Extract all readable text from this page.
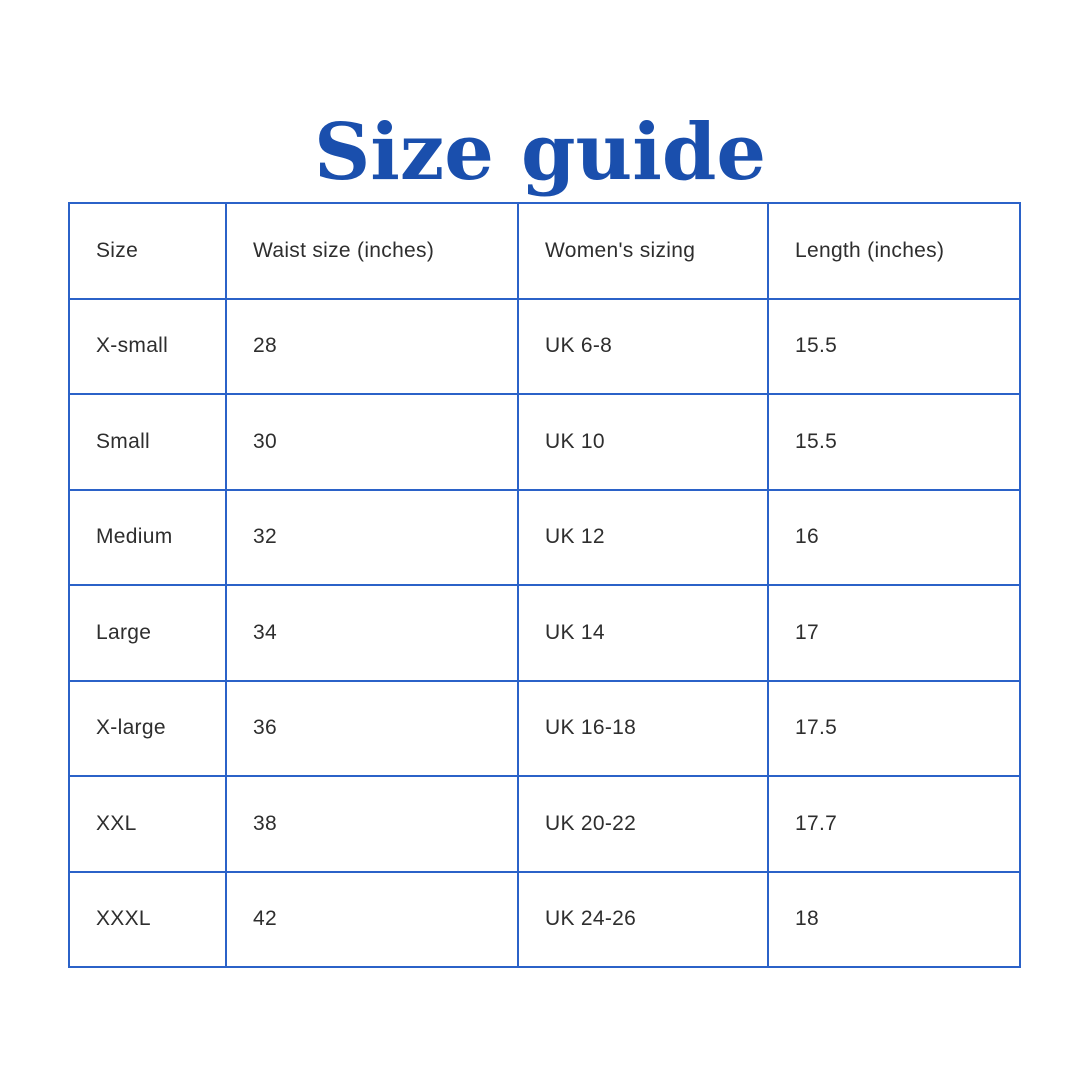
Size guide
Size	Waist size (inches)	Women's sizing	Length (inches)
X-small	28	UK 6-8	15.5
Small	30	UK 10	15.5
Medium	32	UK 12	16
Large	34	UK 14	17
X-large	36	UK 16-18	17.5
XXL	38	UK 20-22	17.7
XXXL	42	UK 24-26	18
